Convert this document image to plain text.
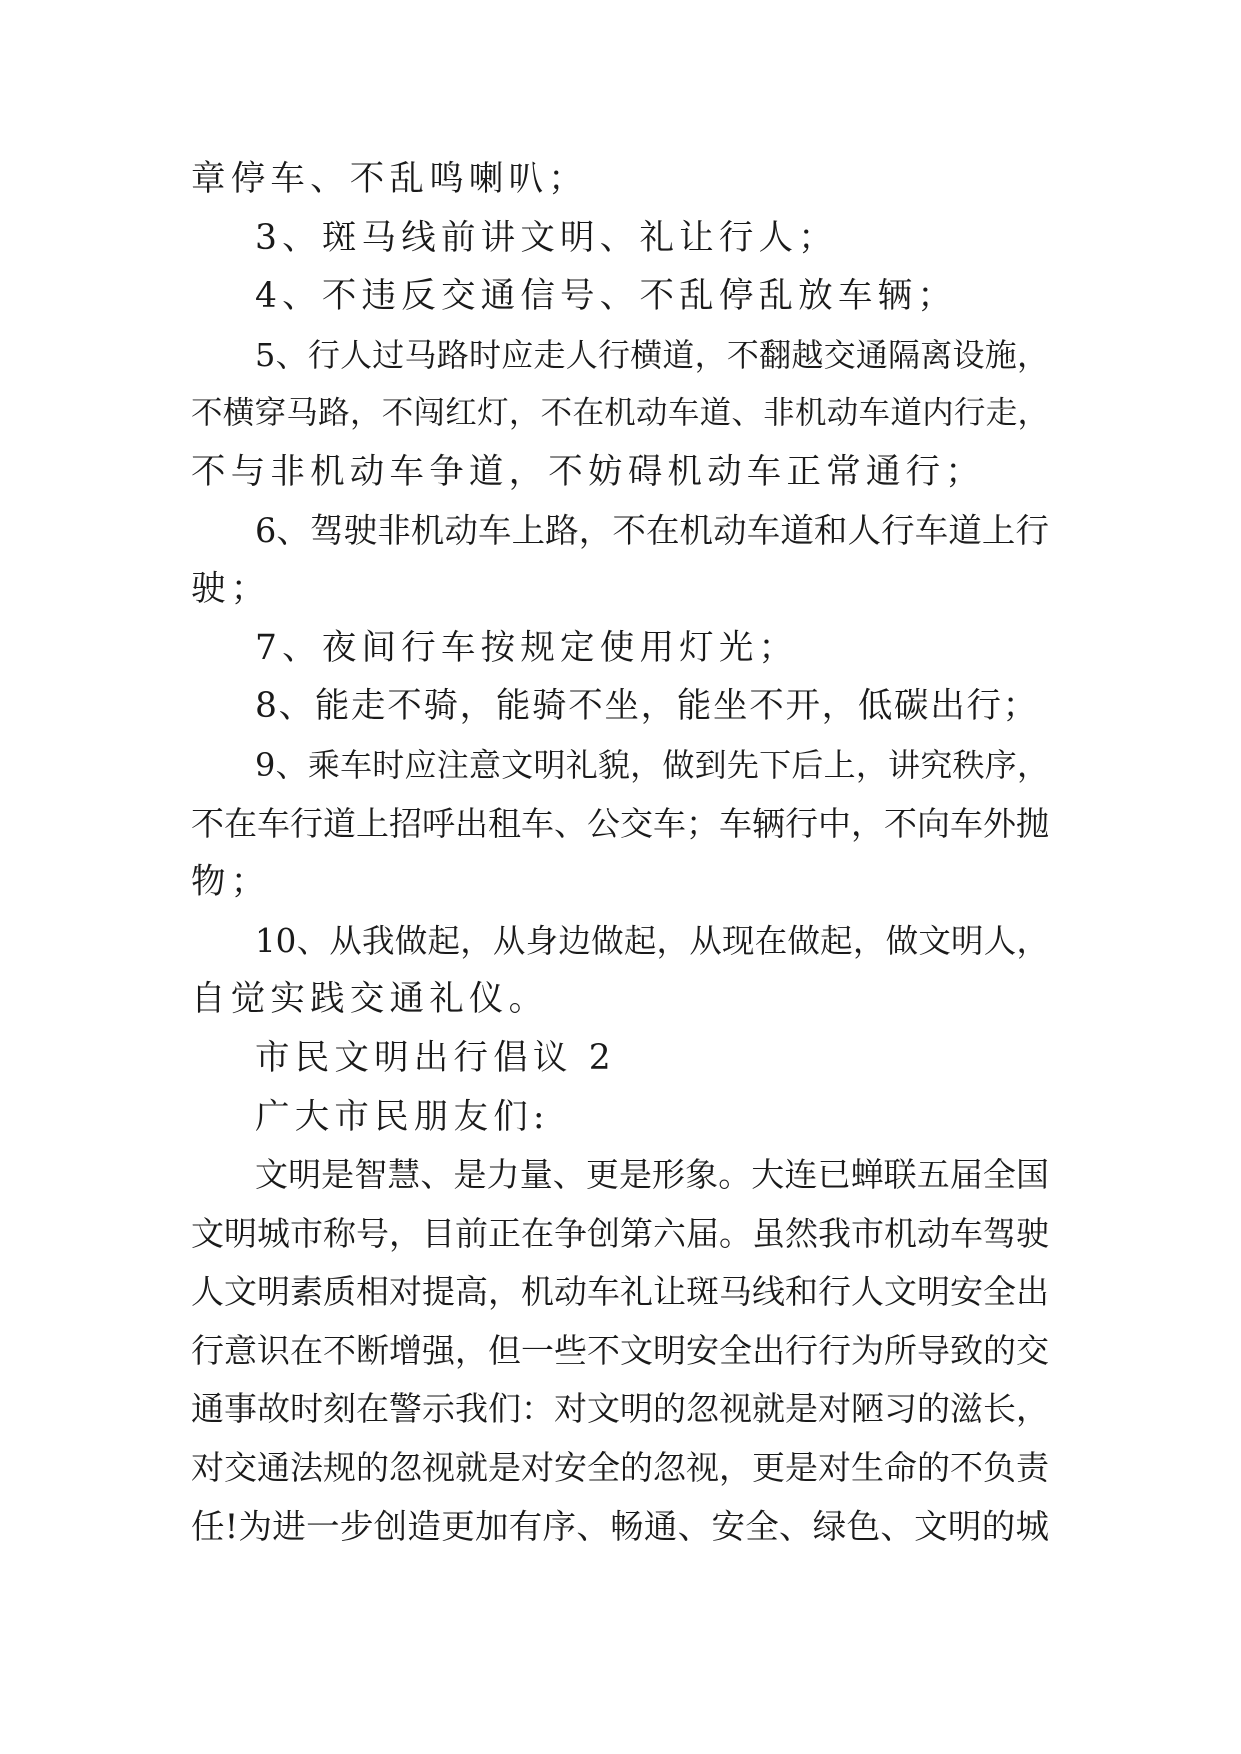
章停车、不乱鸣喇叭；
3、斑马线前讲文明、礼让行人；
4、不违反交通信号、不乱停乱放车辆；
5、行人过马路时应走人行横道，不翻越交通隔离设施，
不横穿马路，不闯红灯，不在机动车道、非机动车道内行走，
不与非机动车争道，不妨碍机动车正常通行；
6、驾驶非机动车上路，不在机动车道和人行车道上行
驶；
7、夜间行车按规定使用灯光；
8、能走不骑，能骑不坐，能坐不开，低碳出行；
9、乘车时应注意文明礼貌，做到先下后上，讲究秩序，
不在车行道上招呼出租车、公交车；车辆行中，不向车外抛
物；
10、从我做起，从身边做起，从现在做起，做文明人，
自觉实践交通礼仪。
市民文明出行倡议 2
广大市民朋友们:
文明是智慧、是力量、更是形象。大连已蝉联五届全国
文明城市称号，目前正在争创第六届。虽然我市机动车驾驶
人文明素质相对提高，机动车礼让斑马线和行人文明安全出
行意识在不断增强，但一些不文明安全出行行为所导致的交
通事故时刻在警示我们：对文明的忽视就是对陋习的滋长，
对交通法规的忽视就是对安全的忽视，更是对生命的不负责
任!为进一步创造更加有序、畅通、安全、绿色、文明的城
